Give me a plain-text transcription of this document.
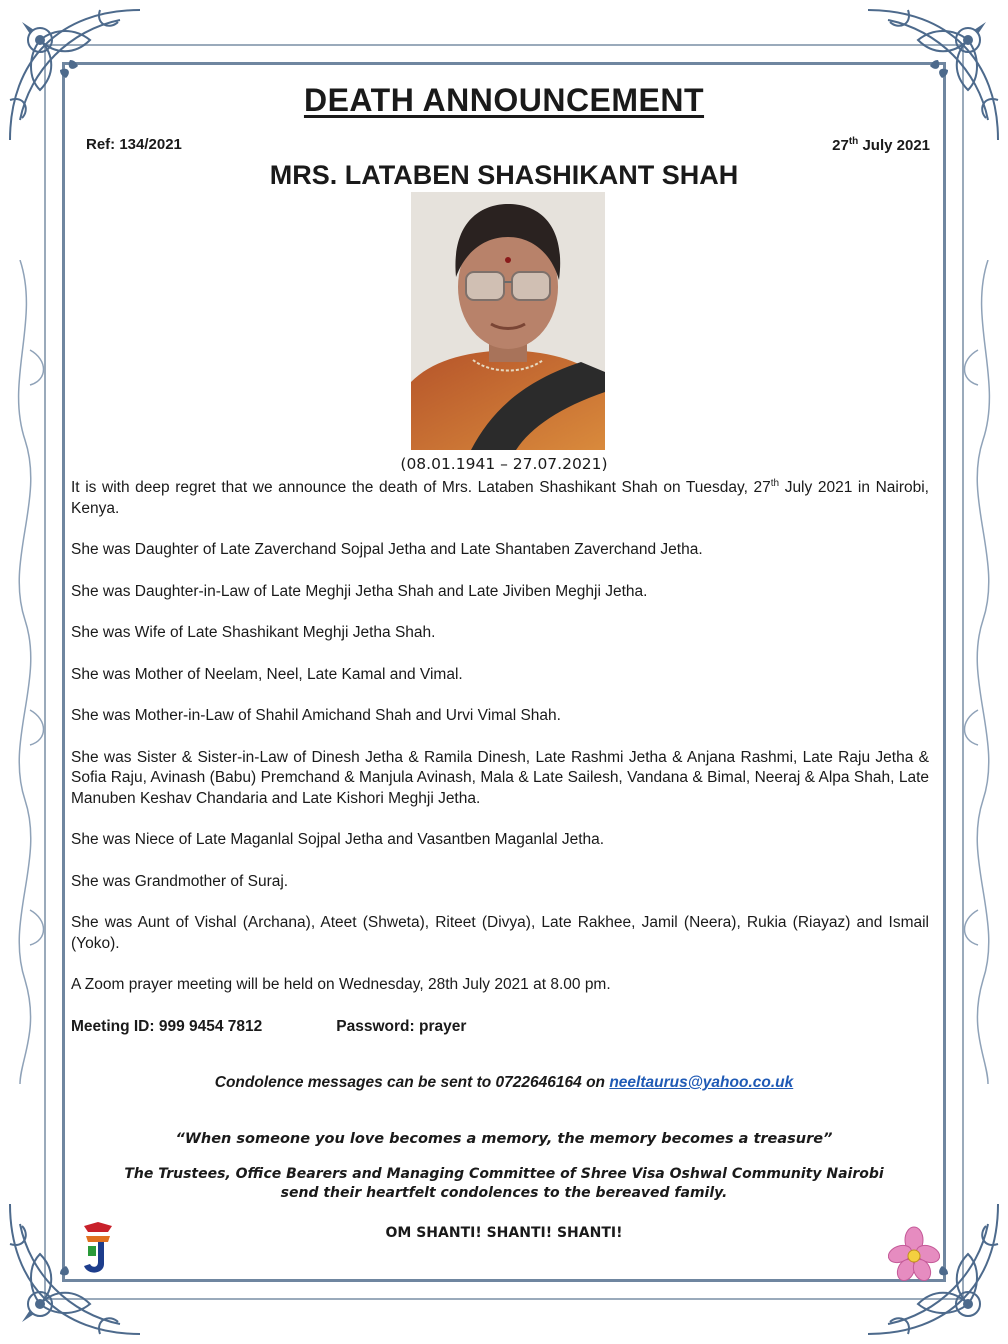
DEATH ANNOUNCEMENT
Ref: 134/2021	27th July 2021
MRS. LATABEN SHASHIKANT SHAH
(08.01.1941 – 27.07.2021)

It is with deep regret that we announce the death of Mrs. Lataben Shashikant Shah on Tuesday, 27th July 2021 in Nairobi, Kenya.

She was Daughter of Late Zaverchand Sojpal Jetha and Late Shantaben Zaverchand Jetha.

She was Daughter-in-Law of Late Meghji Jetha Shah and Late Jiviben Meghji Jetha.

She was Wife of Late Shashikant Meghji Jetha Shah.

She was Mother of Neelam, Neel, Late Kamal and Vimal.

She was Mother-in-Law of Shahil Amichand Shah and Urvi Vimal Shah.

She was Sister & Sister-in-Law of Dinesh Jetha & Ramila Dinesh, Late Rashmi Jetha & Anjana Rashmi, Late Raju Jetha & Sofia Raju, Avinash (Babu) Premchand & Manjula Avinash, Mala & Late Sailesh, Vandana & Bimal, Neeraj & Alpa Shah, Late Manuben Keshav Chandaria and Late Kishori Meghji Jetha.

She was Niece of Late Maganlal Sojpal Jetha and Vasantben Maganlal Jetha.

She was Grandmother of Suraj.

She was Aunt of Vishal (Archana), Ateet (Shweta), Riteet (Divya), Late Rakhee, Jamil (Neera), Rukia (Riayaz) and Ismail (Yoko).

A Zoom prayer meeting will be held on Wednesday, 28th July 2021 at 8.00 pm.

Meeting ID: 999 9454 7812	Password: prayer

Condolence messages can be sent to 0722646164 on neeltaurus@yahoo.co.uk
“When someone you love becomes a memory, the memory becomes a treasure”
The Trustees, Office Bearers and Managing Committee of Shree Visa Oshwal Community Nairobi
send their heartfelt condolences to the bereaved family.
OM SHANTI! SHANTI! SHANTI!
